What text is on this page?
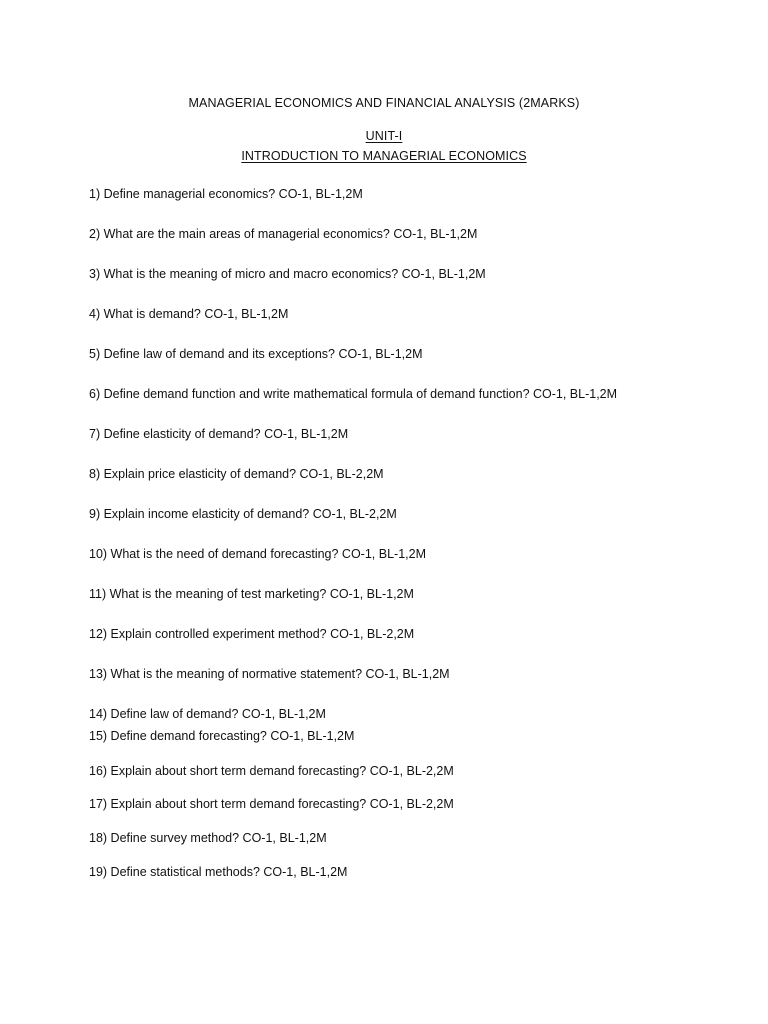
MANAGERIAL ECONOMICS AND FINANCIAL ANALYSIS (2MARKS)
UNIT-I
INTRODUCTION TO MANAGERIAL ECONOMICS
1) Define managerial economics? CO-1, BL-1,2M
2) What are the main areas of managerial economics? CO-1, BL-1,2M
3) What is the meaning of micro and macro economics? CO-1, BL-1,2M
4) What is demand? CO-1, BL-1,2M
5) Define law of demand and its exceptions? CO-1, BL-1,2M
6) Define demand function and write mathematical formula of demand function? CO-1, BL-1,2M
7) Define elasticity of demand? CO-1, BL-1,2M
8) Explain price elasticity of demand? CO-1, BL-2,2M
9) Explain income elasticity of demand? CO-1, BL-2,2M
10) What is the need of demand forecasting? CO-1, BL-1,2M
11) What is the meaning of test marketing? CO-1, BL-1,2M
12) Explain controlled experiment method? CO-1, BL-2,2M
13) What is the meaning of normative statement? CO-1, BL-1,2M
14) Define law of demand? CO-1, BL-1,2M
15) Define demand forecasting? CO-1, BL-1,2M
16) Explain about short term demand forecasting? CO-1, BL-2,2M
17) Explain about short term demand forecasting? CO-1, BL-2,2M
18) Define survey method? CO-1, BL-1,2M
19) Define statistical methods? CO-1, BL-1,2M
